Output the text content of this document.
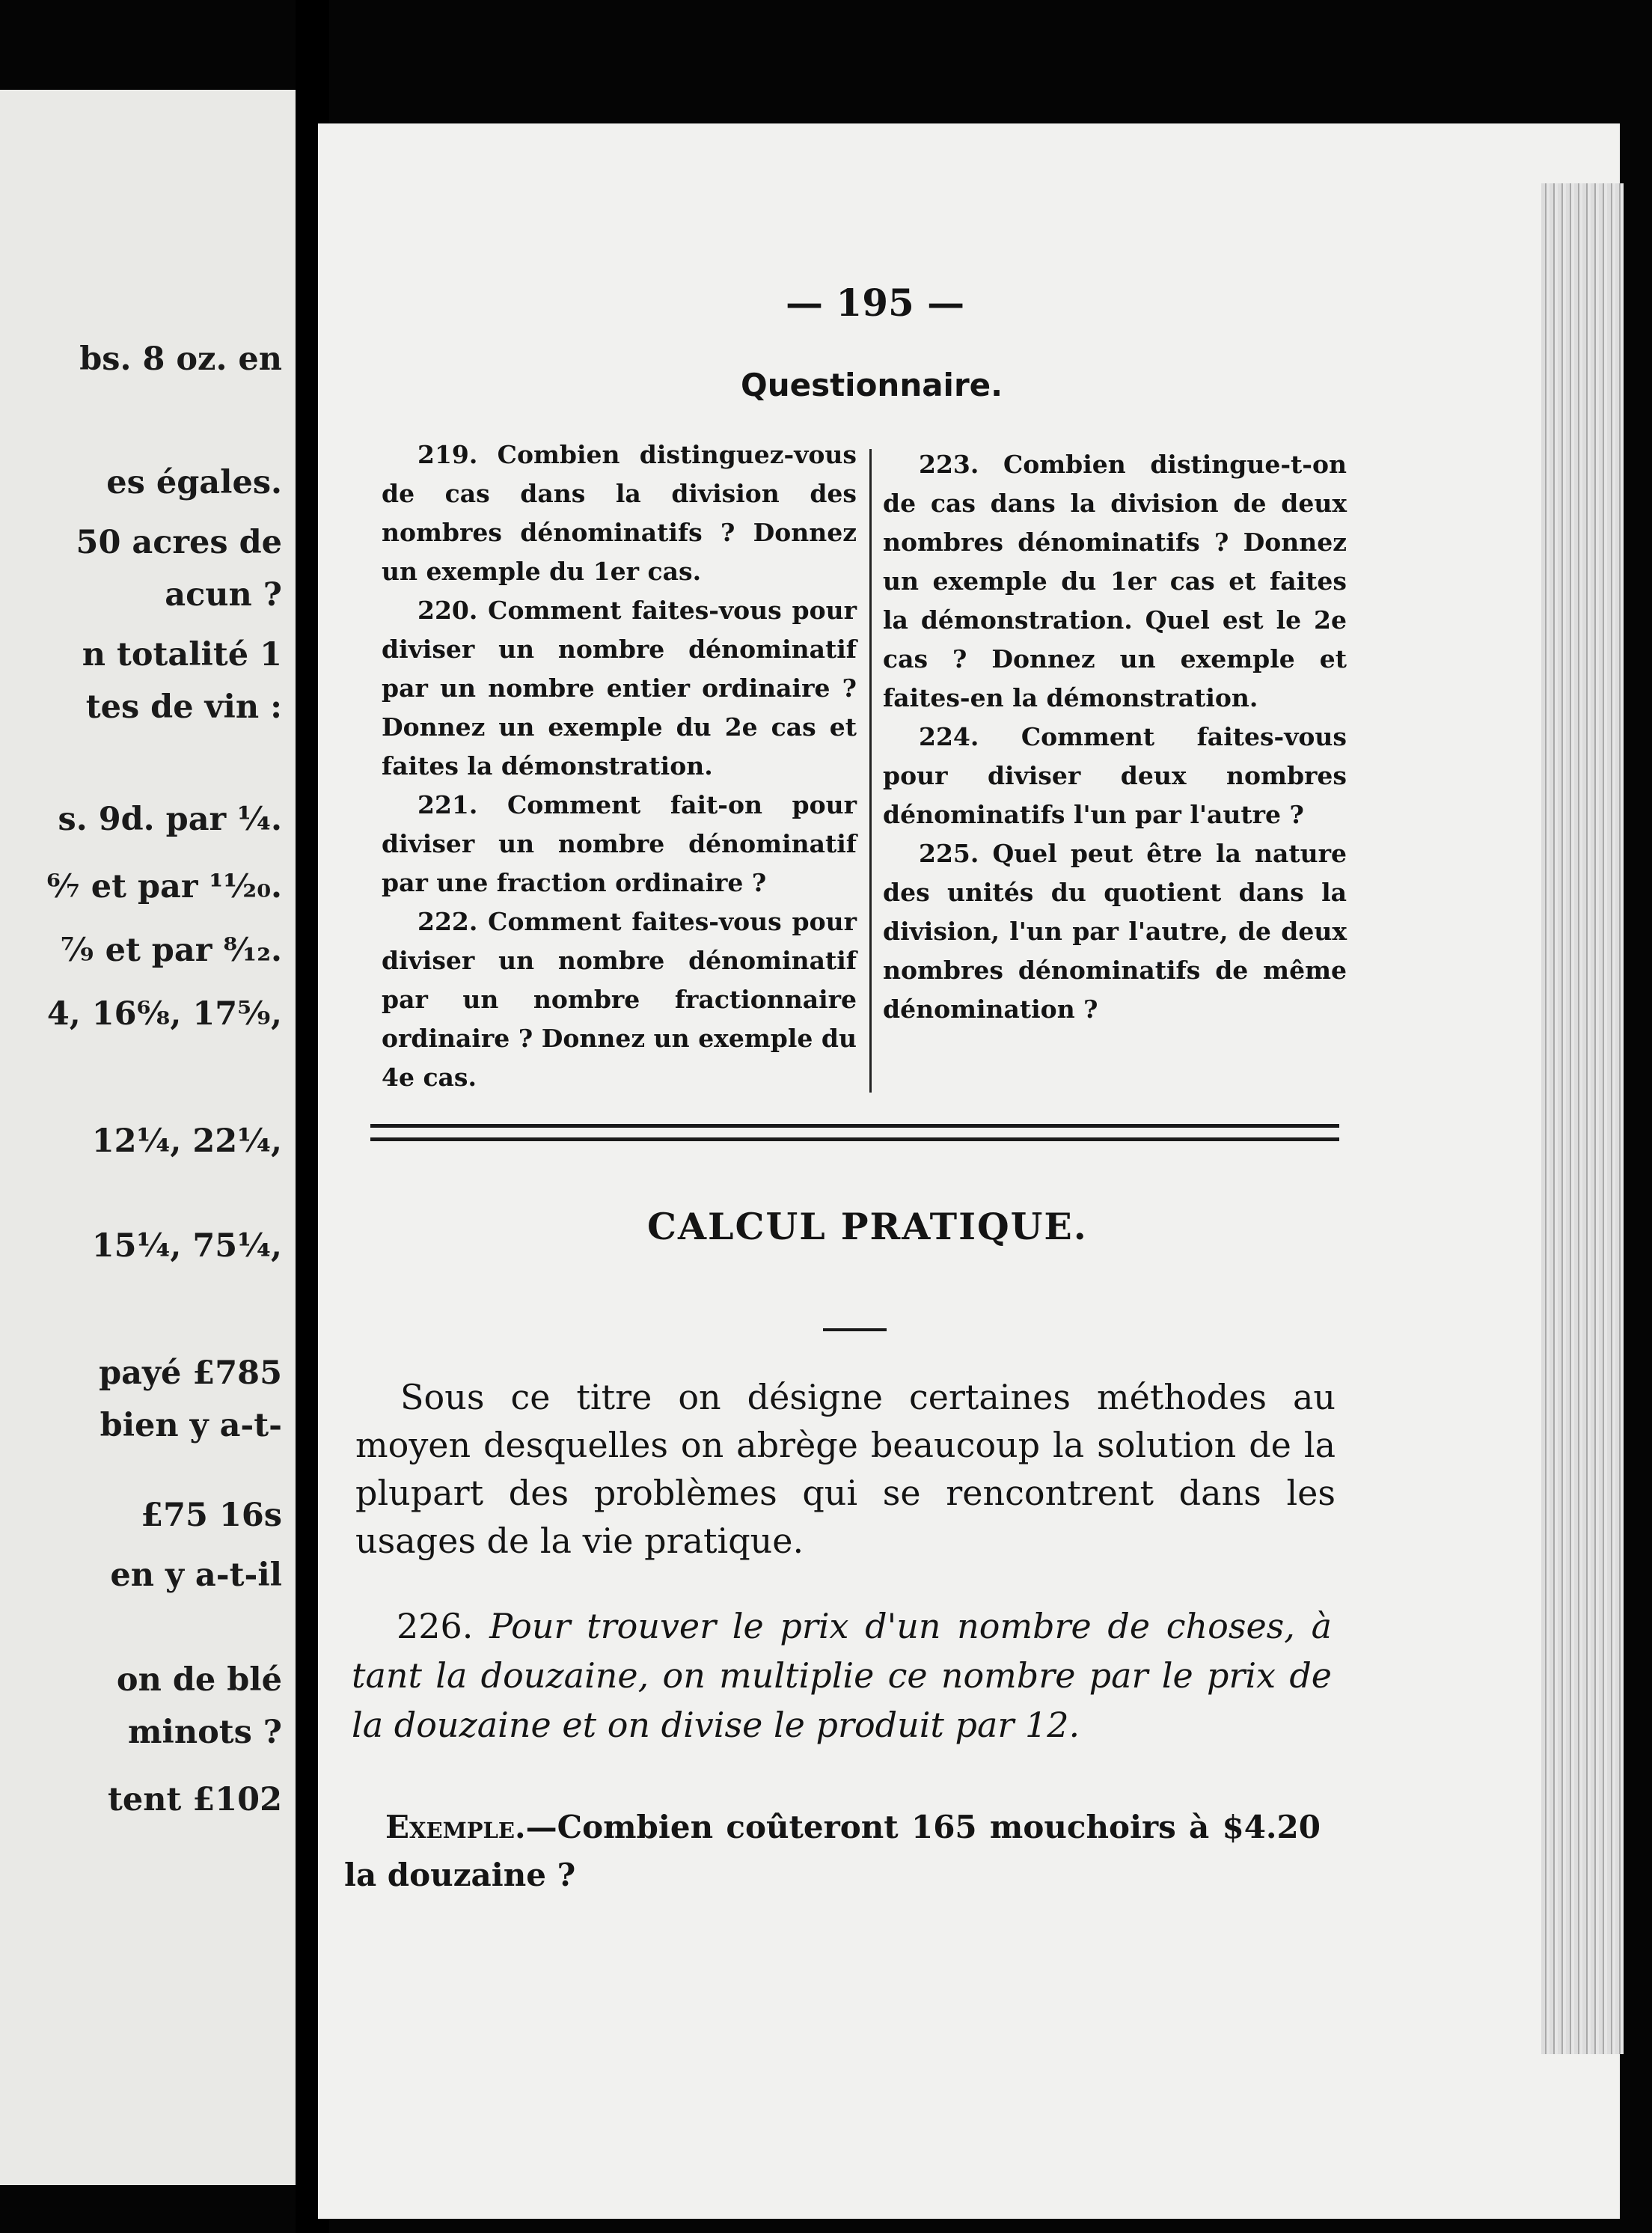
bs. 8 oz. en
es égales.
50 acres de
acun ?
n totalité 1
tes de vin :
s. 9d. par ¼.
⁶⁄₇ et par ¹¹⁄₂₀.
⁷⁄₉ et par ⁸⁄₁₂.
4, 16⁶⁄₈, 17⁵⁄₉,
12¼, 22¼,
15¼, 75¼,
payé £785
bien y a-t-
£75 16s
en y a-t-il
on de blé
minots ?
tent £102
— 195 —
Questionnaire.

219. Combien distinguez-vous de cas dans la division des nombres dénominatifs ? Donnez un exemple du 1er cas.

220. Comment faites-vous pour diviser un nombre dénominatif par un nombre entier ordinaire ? Donnez un exemple du 2e cas et faites la démonstration.

221. Comment fait-on pour diviser un nombre dénominatif par une fraction ordinaire ?

222. Comment faites-vous pour diviser un nombre dénominatif par un nombre fractionnaire ordinaire ? Donnez un exemple du 4e cas.

223. Combien distingue-t-on de cas dans la division de deux nombres dénominatifs ? Donnez un exemple du 1er cas et faites la démonstration. Quel est le 2e cas ? Donnez un exemple et faites-en la démonstration.

224. Comment faites-vous pour diviser deux nombres dénominatifs l'un par l'autre ?

225. Quel peut être la nature des unités du quotient dans la division, l'un par l'autre, de deux nombres dénominatifs de même dénomination ?

CALCUL PRATIQUE.

Sous ce titre on désigne certaines méthodes au moyen desquelles on abrège beaucoup la solution de la plupart des problèmes qui se rencontrent dans les usages de la vie pratique.

226. Pour trouver le prix d'un nombre de choses, à tant la douzaine, on multiplie ce nombre par le prix de la douzaine et on divise le produit par 12.

Exemple.—Combien coûteront 165 mouchoirs à $4.20 la douzaine ?
